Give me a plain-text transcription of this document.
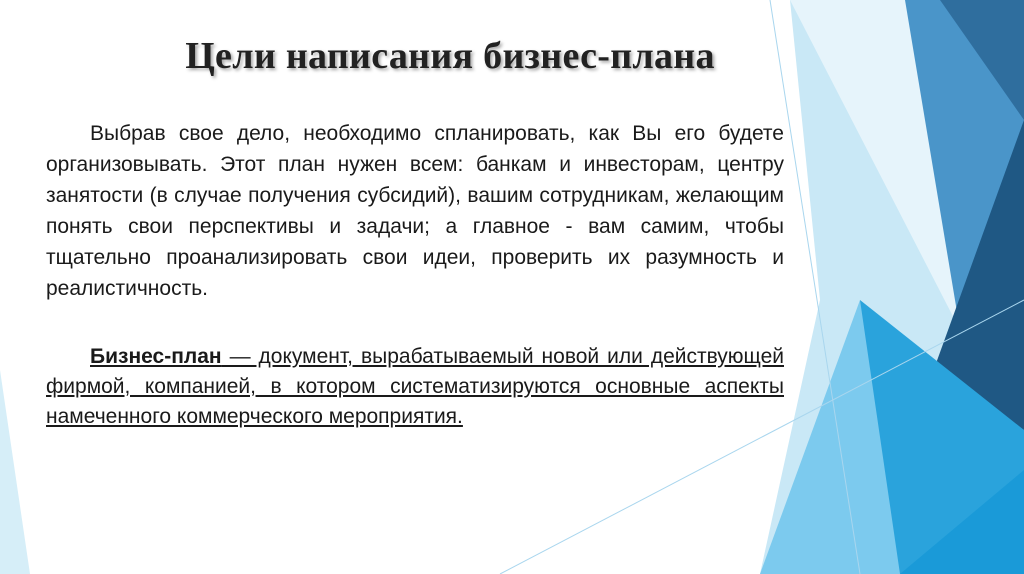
Цели написания бизнес-плана

Выбрав свое дело, необходимо спланировать, как Вы его будете организовывать. Этот план нужен всем: банкам и инвесторам, центру занятости (в случае получения субсидий), вашим сотрудникам, желающим понять свои перспективы и задачи; а главное - вам самим, чтобы тщательно проанализировать свои идеи, проверить их разумность и реалистичность.

Бизнес-план — документ, вырабатываемый новой или действующей фирмой, компанией, в котором систематизируются основные аспекты намеченного коммерческого мероприятия.
